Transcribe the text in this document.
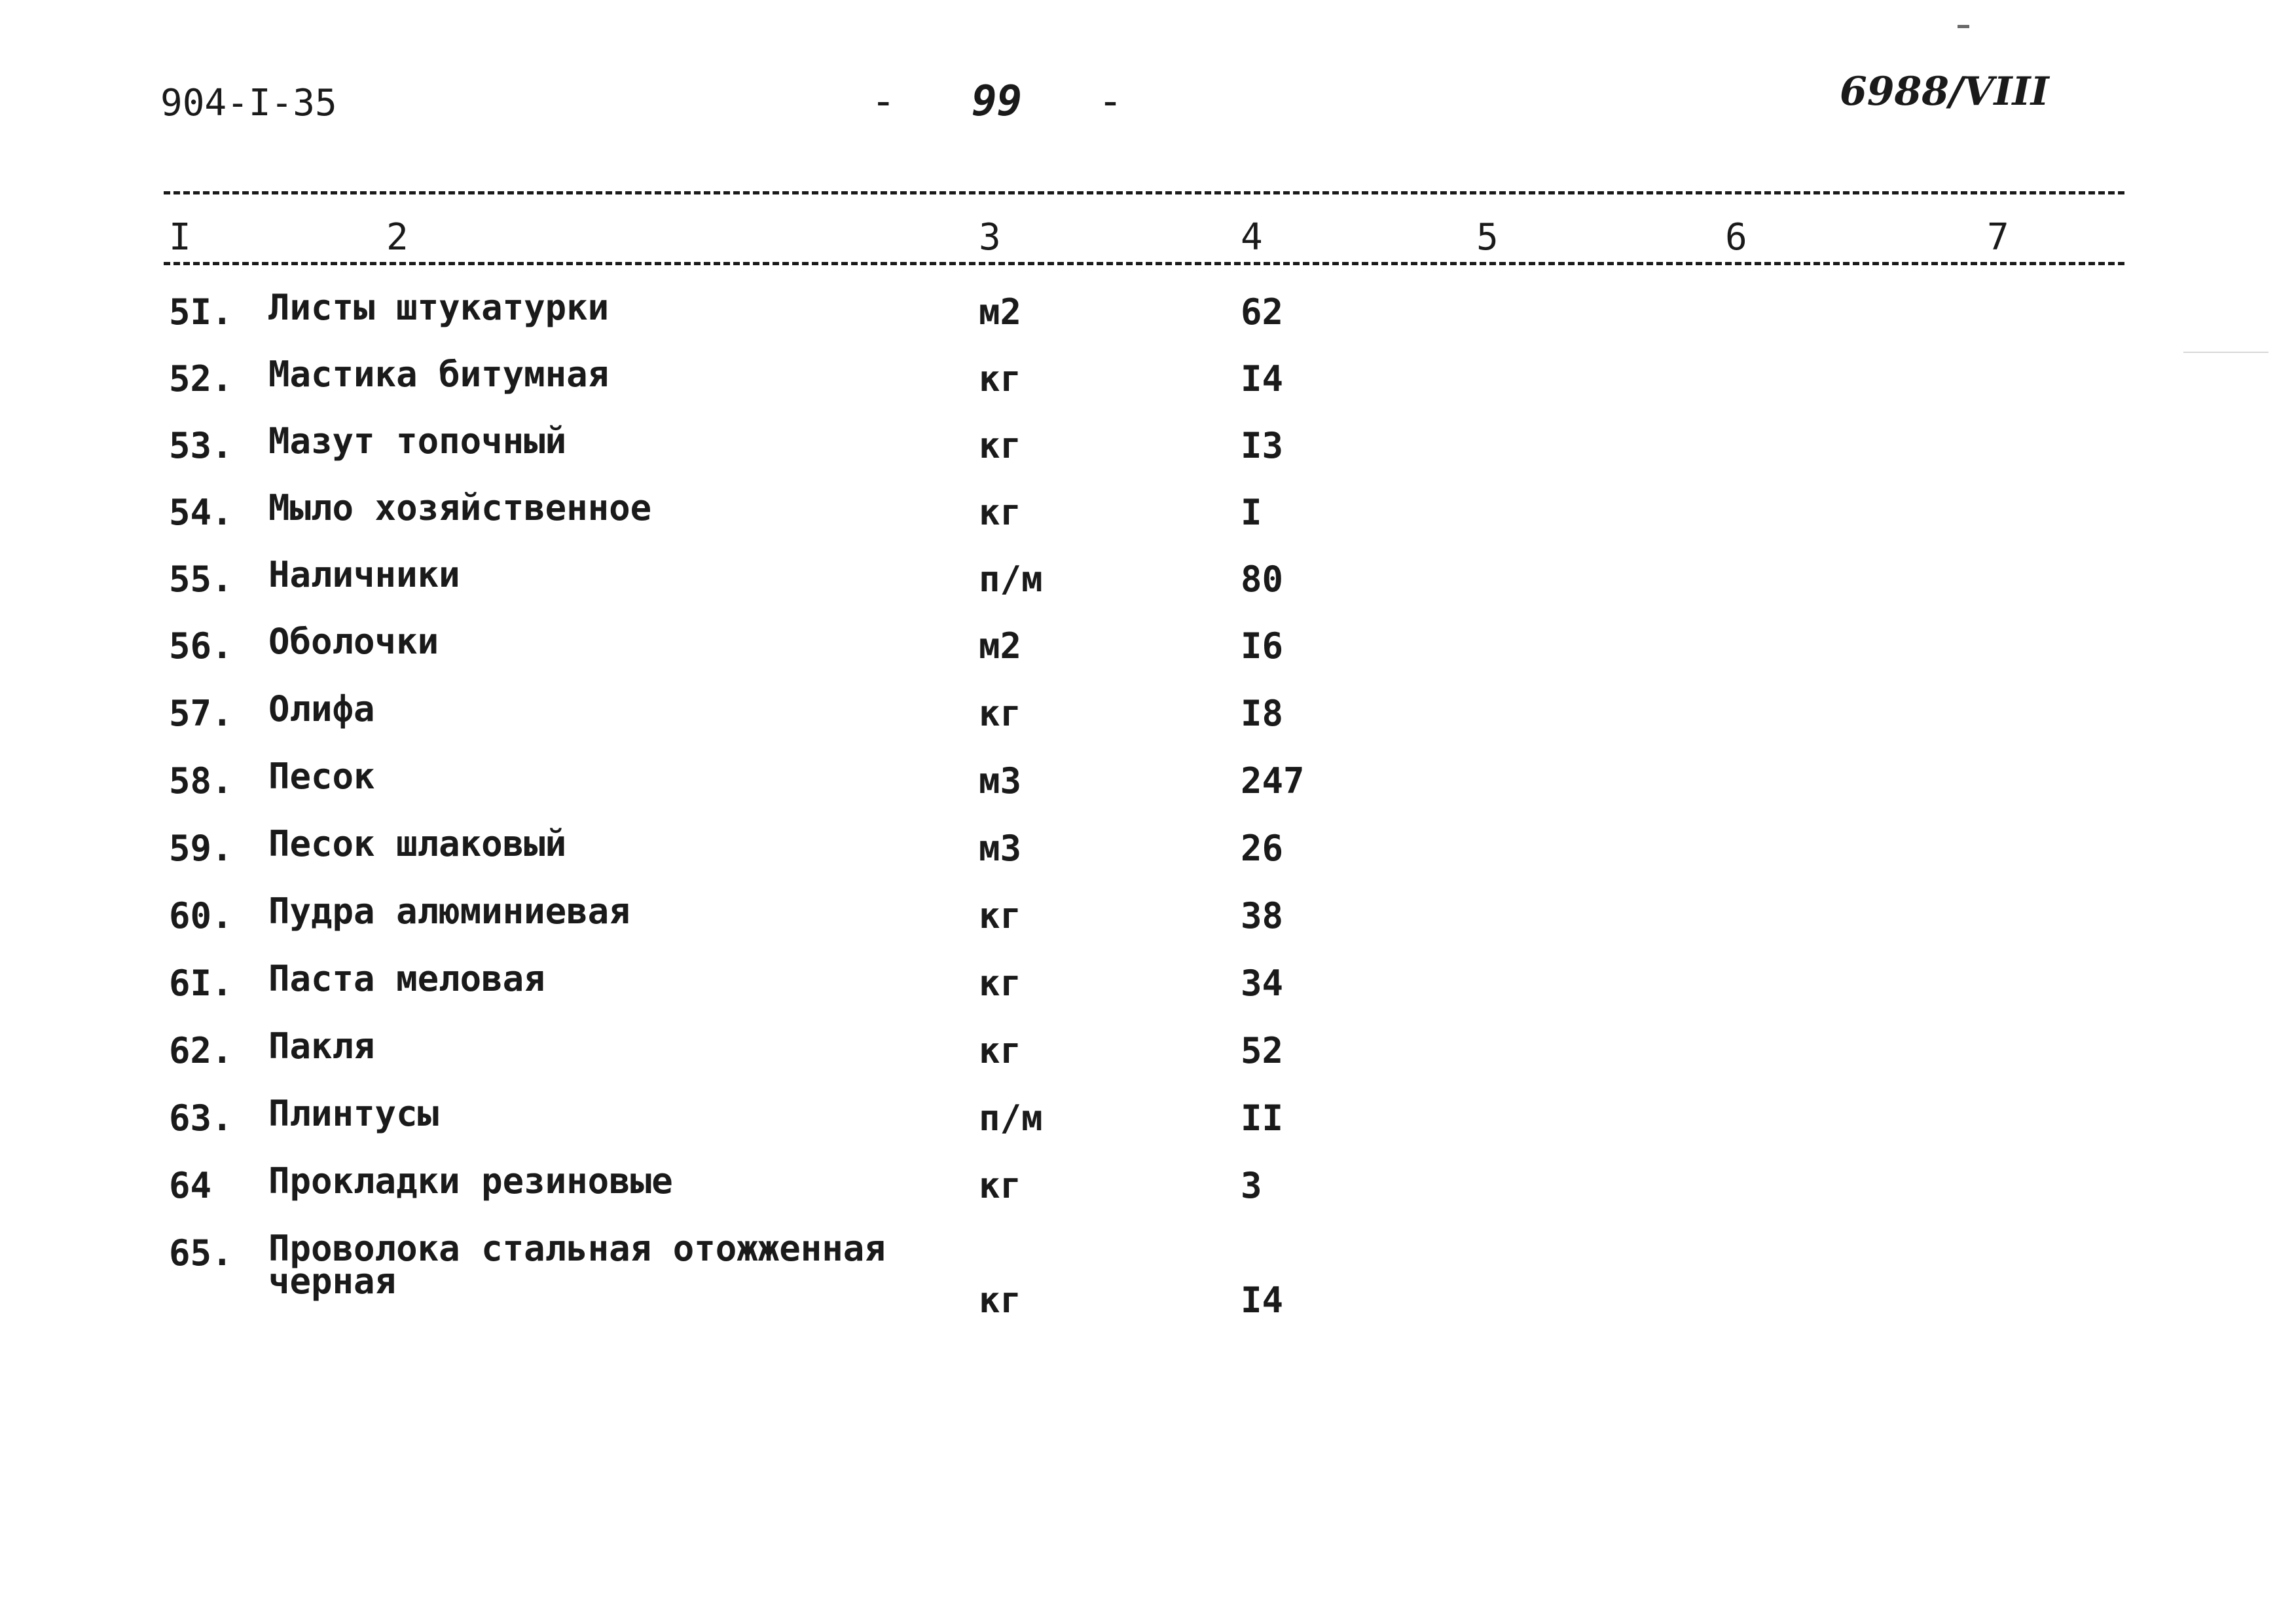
904-I-35	- 99 -	6988/VIII
I	2	3	4	5	6	7
5I. Листы штукатурки	м2	62
52. Мастика битумная	кг	I4
53. Мазут топочный	кг	I3
54. Мыло хозяйственное	кг	I
55. Наличники	п/м	80
56. Оболочки	м2	I6
57. Олифа	кг	I8
58. Песок	м3	247
59. Песок шлаковый	м3	26
60. Пудра алюминиевая	кг	38
6I. Паста меловая	кг	34
62. Пакля	кг	52
63. Плинтусы	п/м	II
64 Прокладки резиновые	кг	3
65. Проволока стальная отожженная
черная	кг	I4
